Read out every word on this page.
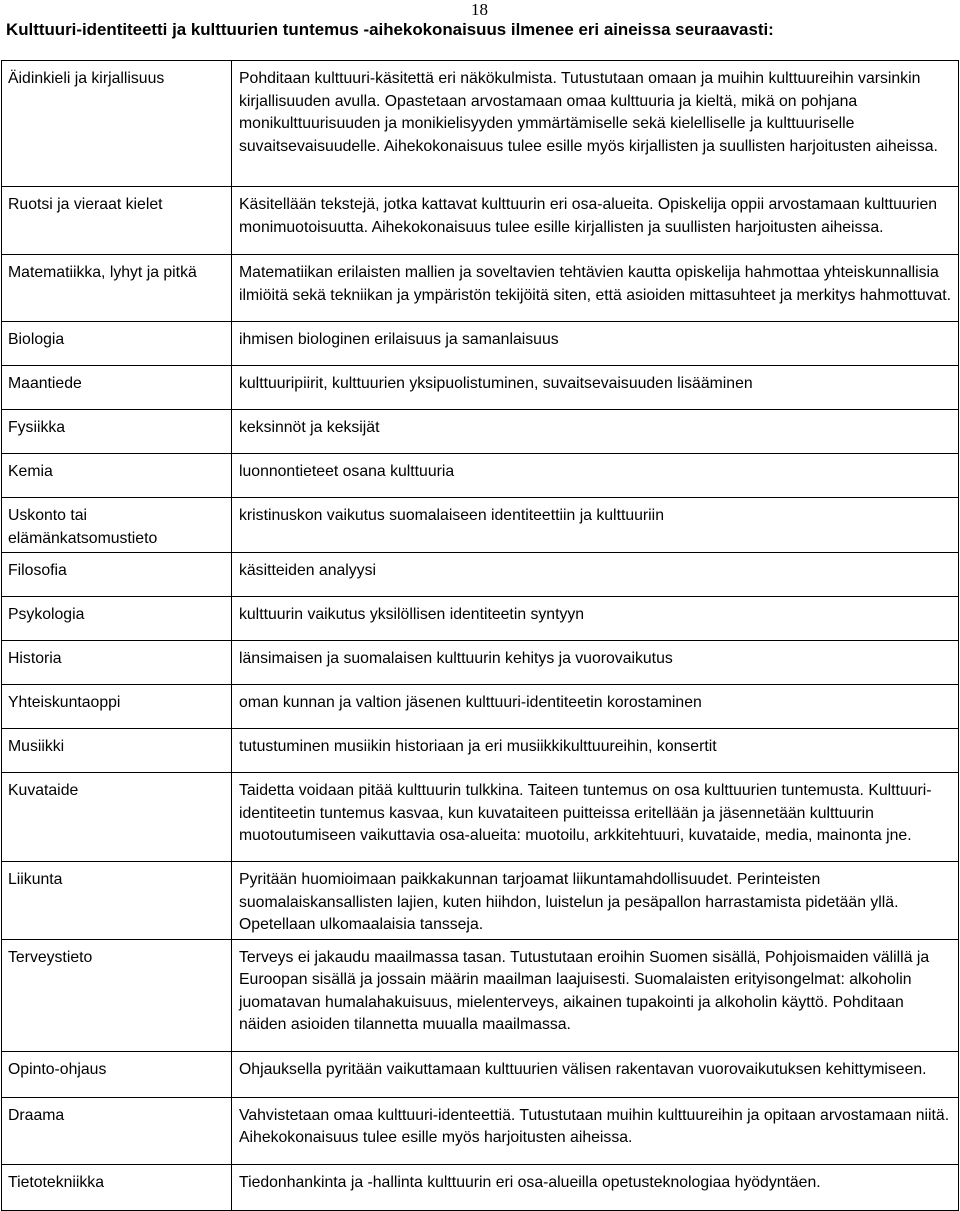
18
Kulttuuri-identiteetti ja kulttuurien tuntemus -aihekokonaisuus ilmenee eri aineissa seuraavasti:
Äidinkieli ja kirjallisuus	Pohditaan kulttuuri-käsitettä eri näkökulmista. Tutustutaan omaan ja muihin kulttuureihin varsinkin kirjallisuuden avulla. Opastetaan arvostamaan omaa kulttuuria ja kieltä, mikä on pohjana monikulttuurisuuden ja monikielisyyden ymmärtämiselle sekä kielelliselle ja kulttuuriselle suvaitsevaisuudelle. Aihekokonaisuus tulee esille myös kirjallisten ja suullisten harjoitusten aiheissa.
Ruotsi ja vieraat kielet	Käsitellään tekstejä, jotka kattavat kulttuurin eri osa-alueita. Opiskelija oppii arvostamaan kulttuurien monimuotoisuutta. Aihekokonaisuus tulee esille kirjallisten ja suullisten harjoitusten aiheissa.
Matematiikka, lyhyt ja pitkä	Matematiikan erilaisten mallien ja soveltavien tehtävien kautta opiskelija hahmottaa yhteiskunnallisia ilmiöitä sekä tekniikan ja ympäristön tekijöitä siten, että asioiden mittasuhteet ja merkitys hahmottuvat.
Biologia	ihmisen biologinen erilaisuus ja samanlaisuus
Maantiede	kulttuuripiirit, kulttuurien yksipuolistuminen, suvaitsevaisuuden lisääminen
Fysiikka	keksinnöt ja keksijät
Kemia	luonnontieteet osana kulttuuria
Uskonto tai elämänkatsomustieto	kristinuskon vaikutus suomalaiseen identiteettiin ja kulttuuriin
Filosofia	käsitteiden analyysi
Psykologia	kulttuurin vaikutus yksilöllisen identiteetin syntyyn
Historia	länsimaisen ja suomalaisen kulttuurin kehitys ja vuorovaikutus
Yhteiskuntaoppi	oman kunnan ja valtion jäsenen kulttuuri-identiteetin korostaminen
Musiikki	tutustuminen musiikin historiaan ja eri musiikkikulttuureihin, konsertit
Kuvataide	Taidetta voidaan pitää kulttuurin tulkkina. Taiteen tuntemus on osa kulttuurien tuntemusta. Kulttuuri-identiteetin tuntemus kasvaa, kun kuvataiteen puitteissa eritellään ja jäsennetään kulttuurin muotoutumiseen vaikuttavia osa-alueita: muotoilu, arkkitehtuuri, kuvataide, media, mainonta jne.
Liikunta	Pyritään huomioimaan paikkakunnan tarjoamat liikuntamahdollisuudet. Perinteisten suomalaiskansallisten lajien, kuten hiihdon, luistelun ja pesäpallon harrastamista pidetään yllä. Opetellaan ulkomaalaisia tansseja.
Terveystieto	Terveys ei jakaudu maailmassa tasan. Tutustutaan eroihin Suomen sisällä, Pohjoismaiden välillä ja Euroopan sisällä ja jossain määrin maailman laajuisesti. Suomalaisten erityisongelmat: alkoholin juomatavan humalahakuisuus, mielenterveys, aikainen tupakointi ja alkoholin käyttö. Pohditaan näiden asioiden tilannetta muualla maailmassa.
Opinto-ohjaus	Ohjauksella pyritään vaikuttamaan kulttuurien välisen rakentavan vuorovaikutuksen kehittymiseen.
Draama	Vahvistetaan omaa kulttuuri-identeettiä. Tutustutaan muihin kulttuureihin ja opitaan arvostamaan niitä. Aihekokonaisuus tulee esille myös harjoitusten aiheissa.
Tietotekniikka	Tiedonhankinta ja -hallinta kulttuurin eri osa-alueilla opetusteknologiaa hyödyntäen.
